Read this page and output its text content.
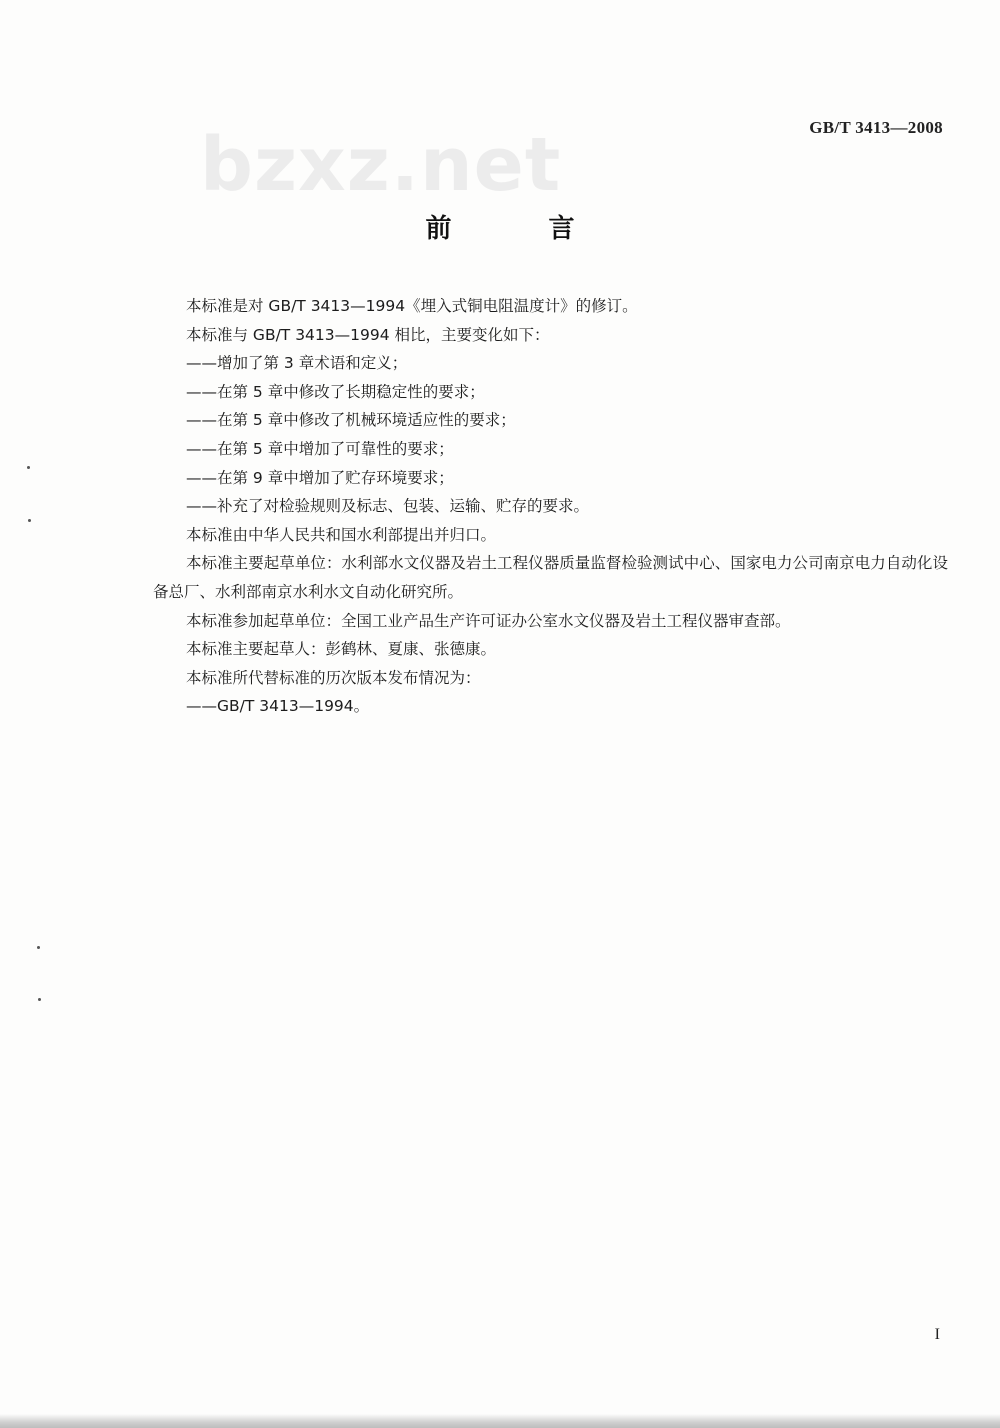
GB/T 3413—2008
bzxz.net
前 言

本标准是对 GB/T 3413—1994《埋入式铜电阻温度计》的修订。

本标准与 GB/T 3413—1994 相比，主要变化如下：

——增加了第 3 章术语和定义；

——在第 5 章中修改了长期稳定性的要求；

——在第 5 章中修改了机械环境适应性的要求；

——在第 5 章中增加了可靠性的要求；

——在第 9 章中增加了贮存环境要求；

——补充了对检验规则及标志、包装、运输、贮存的要求。

本标准由中华人民共和国水利部提出并归口。

本标准主要起草单位：水利部水文仪器及岩土工程仪器质量监督检验测试中心、国家电力公司南京电力自动化设备总厂、水利部南京水利水文自动化研究所。

本标准参加起草单位：全国工业产品生产许可证办公室水文仪器及岩土工程仪器审查部。

本标准主要起草人：彭鹤林、夏康、张德康。

本标准所代替标准的历次版本发布情况为：

——GB/T 3413—1994。

I
